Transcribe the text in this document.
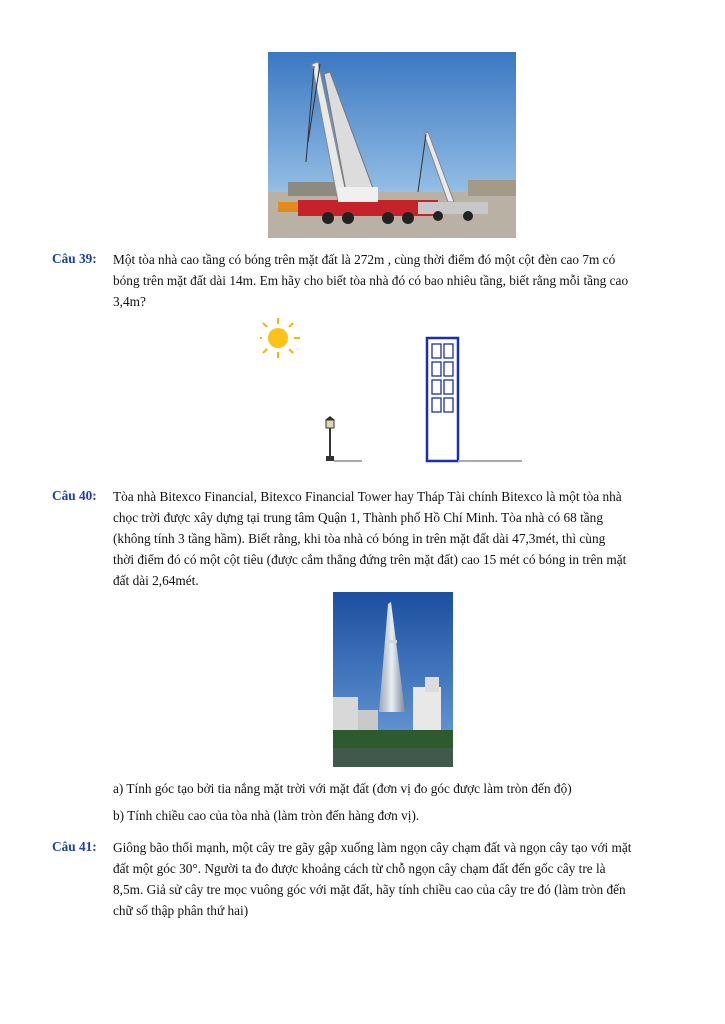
Câu 39: Một tòa nhà cao tầng có bóng trên mặt đất là 272m , cùng thời điểm đó một cột đèn cao 7m có
bóng trên mặt đất dài 14m. Em hãy cho biết tòa nhà đó có bao nhiêu tầng, biết rằng mỗi tầng cao
3,4m?
Câu 40: Tòa nhà Bitexco Financial, Bitexco Financial Tower hay Tháp Tài chính Bitexco là một tòa nhà
chọc trời được xây dựng tại trung tâm Quận 1, Thành phố Hồ Chí Minh. Tòa nhà có 68 tầng
(không tính 3 tầng hầm). Biết rằng, khi tòa nhà có bóng in trên mặt đất dài 47,3mét, thì cùng
thời điểm đó có một cột tiêu (được cắm thẳng đứng trên mặt đất) cao 15 mét có bóng in trên mặt
đất dài 2,64mét.
a) Tính góc tạo bởi tia nắng mặt trời với mặt đất (đơn vị đo góc được làm tròn đến độ)
b) Tính chiều cao của tòa nhà (làm tròn đến hàng đơn vị).
Câu 41: Giông bão thổi mạnh, một cây tre gãy gập xuống làm ngọn cây chạm đất và ngọn cây tạo với mặt
đất một góc 30°. Người ta đo được khoảng cách từ chỗ ngọn cây chạm đất đến gốc cây tre là
8,5m. Giả sử cây tre mọc vuông góc với mặt đất, hãy tính chiều cao của cây tre đó (làm tròn đến
chữ số thập phân thứ hai)
